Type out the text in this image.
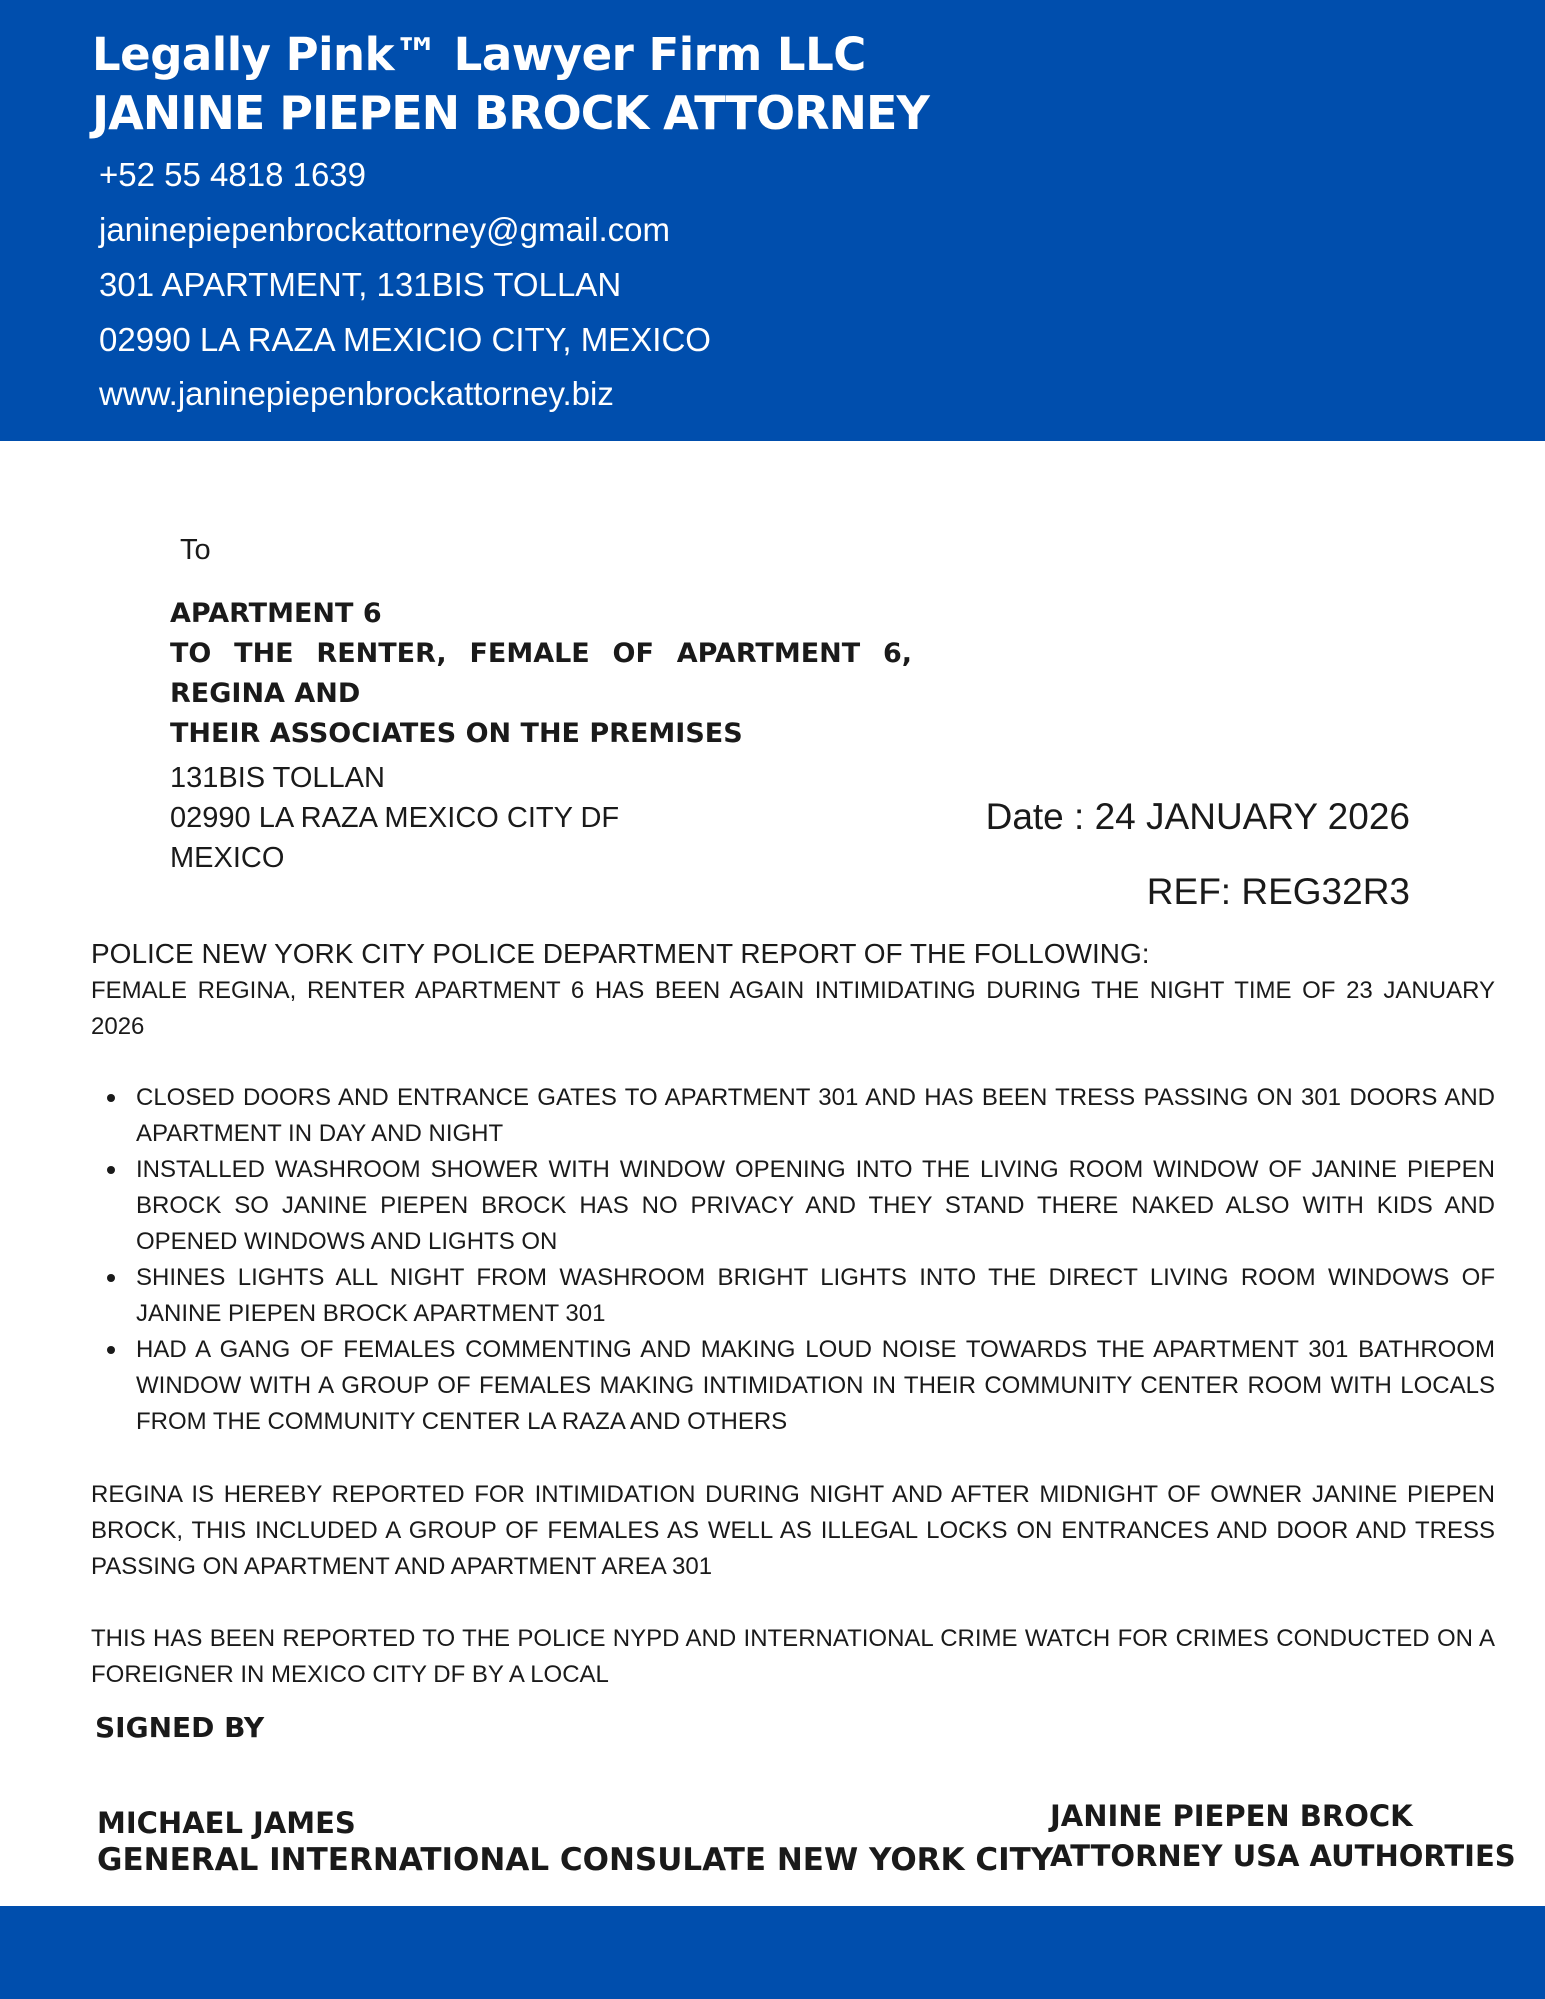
Legally Pink™ Lawyer Firm LLC
JANINE PIEPEN BROCK ATTORNEY
+52 55 4818 1639
janinepiepenbrockattorney@gmail.com
301 APARTMENT, 131BIS TOLLAN
02990 LA RAZA MEXICIO CITY, MEXICO
www.janinepiepenbrockattorney.biz
To
APARTMENT 6
TO THE RENTER, FEMALE OF APARTMENT 6,
REGINA AND
THEIR ASSOCIATES ON THE PREMISES
131BIS TOLLAN
02990 LA RAZA MEXICO CITY DF
MEXICO
Date : 24 JANUARY 2026
REF: REG32R3
POLICE NEW YORK CITY POLICE DEPARTMENT REPORT OF THE FOLLOWING:
FEMALE REGINA, RENTER APARTMENT 6 HAS BEEN AGAIN INTIMIDATING DURING THE NIGHT TIME OF 23 JANUARY 2026
CLOSED DOORS AND ENTRANCE GATES TO APARTMENT 301 AND HAS BEEN TRESS PASSING ON 301 DOORS AND APARTMENT IN DAY AND NIGHT
INSTALLED WASHROOM SHOWER WITH WINDOW OPENING INTO THE LIVING ROOM WINDOW OF JANINE PIEPEN BROCK SO JANINE PIEPEN BROCK HAS NO PRIVACY AND THEY STAND THERE NAKED ALSO WITH KIDS AND OPENED WINDOWS AND LIGHTS ON
SHINES LIGHTS ALL NIGHT FROM WASHROOM BRIGHT LIGHTS INTO THE DIRECT LIVING ROOM WINDOWS OF JANINE PIEPEN BROCK APARTMENT 301
HAD A GANG OF FEMALES COMMENTING AND MAKING LOUD NOISE TOWARDS THE APARTMENT 301 BATHROOM WINDOW WITH A GROUP OF FEMALES MAKING INTIMIDATION IN THEIR COMMUNITY CENTER ROOM WITH LOCALS FROM THE COMMUNITY CENTER LA RAZA AND OTHERS
REGINA IS HEREBY REPORTED FOR INTIMIDATION DURING NIGHT AND AFTER MIDNIGHT OF OWNER JANINE PIEPEN BROCK, THIS INCLUDED A GROUP OF FEMALES AS WELL AS ILLEGAL LOCKS ON ENTRANCES AND DOOR AND TRESS PASSING ON APARTMENT AND APARTMENT AREA 301
THIS HAS BEEN REPORTED TO THE POLICE NYPD AND INTERNATIONAL CRIME WATCH FOR CRIMES CONDUCTED ON A FOREIGNER IN MEXICO CITY DF BY A LOCAL
SIGNED BY
MICHAEL JAMES
GENERAL INTERNATIONAL CONSULATE NEW YORK CITY
JANINE PIEPEN BROCK
ATTORNEY USA AUTHORTIES
